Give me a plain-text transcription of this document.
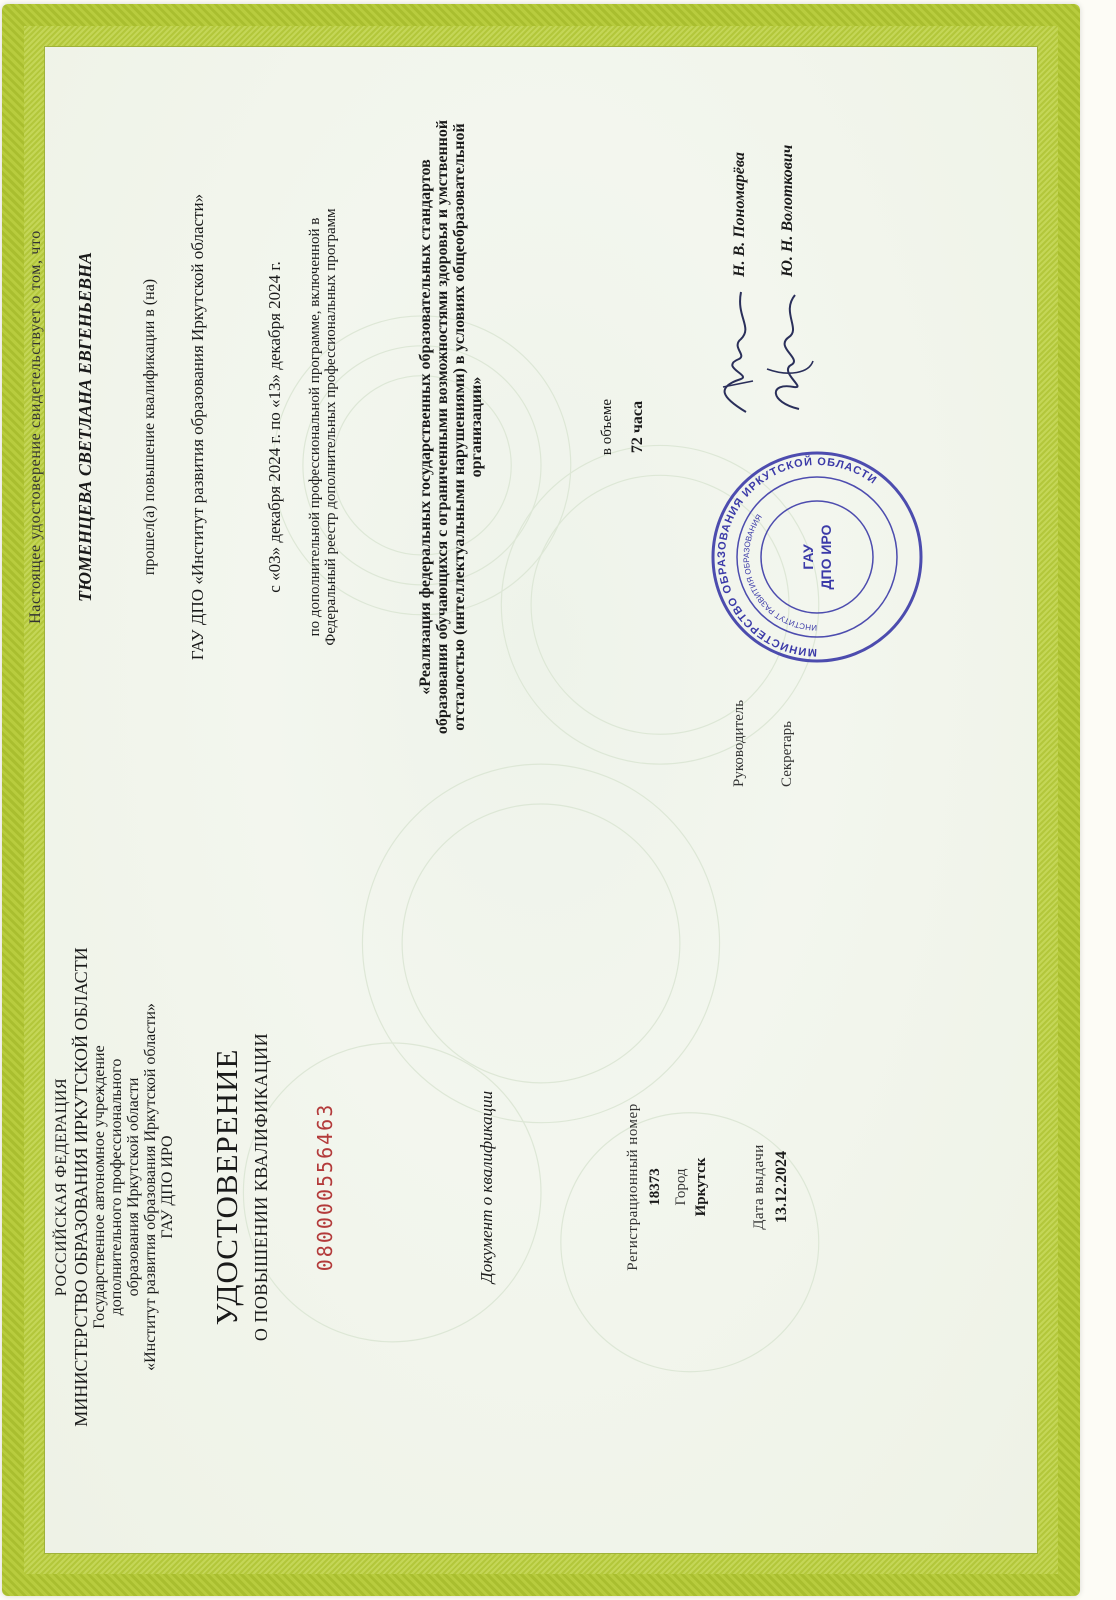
РОССИЙСКАЯ ФЕДЕРАЦИЯ МИНИСТЕРСТВО ОБРАЗОВАНИЯ ИРКУТСКОЙ ОБЛАСТИ Государственное автономное учреждение дополнительного профессионального образования Иркутской области «Институт развития образования Иркутской области» ГАУ ДПО ИРО УДОСТОВЕРЕНИЕ О ПОВЫШЕНИИ КВАЛИФИКАЦИИ 080000556463	Документ о квалификации	Регистрационный номер 18373 Город Иркутск	Дата выдачи 13.12.2024
Настоящее удостоверение свидетельствует о том, что ТЮМЕНЦЕВА СВЕТЛАНА ЕВГЕНЬЕВНА	прошел(а) повышение квалификации в (на) ГАУ ДПО «Институт развития образования Иркутской области»	с «03» декабря 2024 г. по «13» декабря 2024 г. по дополнительной профессиональной программе, включенной в Федеральный реестр дополнительных профессиональных программ	«Реализация федеральных государственных образовательных стандартов образования обучающихся с ограниченными возможностями здоровья и умственной отсталостью (интеллектуальными нарушениями) в условиях общеобразовательной организации»	в объеме 72 часа
Руководитель
Н. В. Пономарёва
Секретарь
Ю. Н. Волоткович
МИНИСТЕРСТВО ОБРАЗОВАНИЯ ИРКУТСКОЙ ОБЛАСТИ
ИНСТИТУТ РАЗВИТИЯ ОБРАЗОВАНИЯ
ГАУ ДПО ИРО
